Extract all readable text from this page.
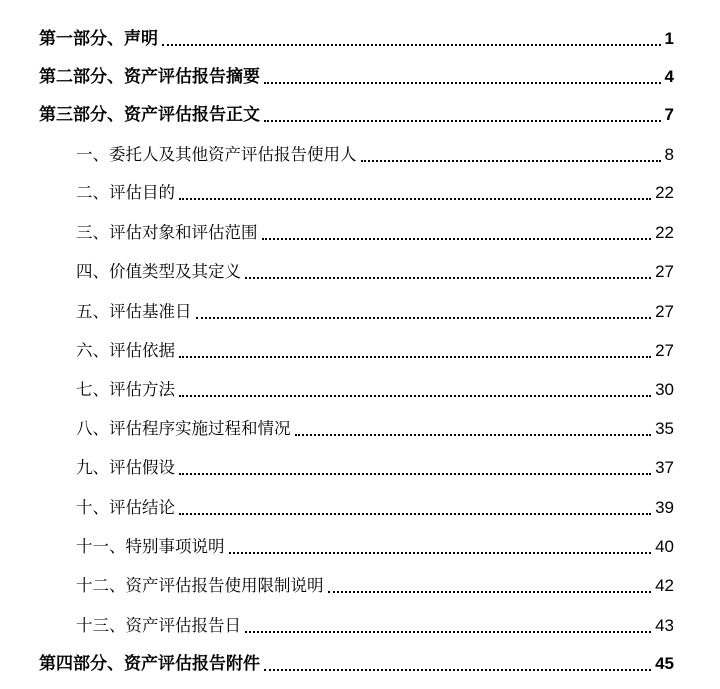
第一部分、声明	1
第二部分、资产评估报告摘要	4
第三部分、资产评估报告正文	7
一、委托人及其他资产评估报告使用人	8
二、评估目的	22
三、评估对象和评估范围	22
四、价值类型及其定义	27
五、评估基准日	27
六、评估依据	27
七、评估方法	30
八、评估程序实施过程和情况	35
九、评估假设	37
十、评估结论	39
十一、特别事项说明	40
十二、资产评估报告使用限制说明	42
十三、资产评估报告日	43
第四部分、资产评估报告附件	45
